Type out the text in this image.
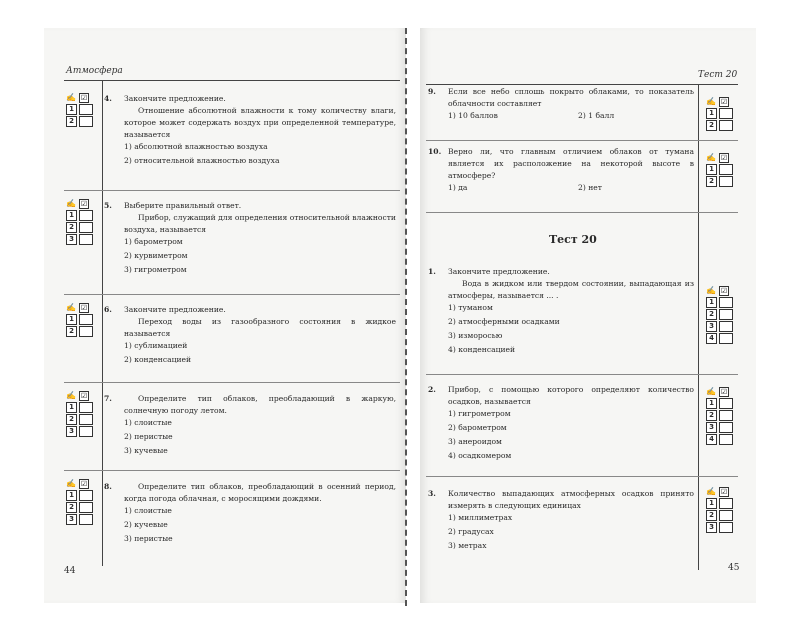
Атмосфера	Тест 20
✍ ☑
1
2
4. Закончите предложение.

Отношение абсолютной влажности к тому количеству влаги, которое может содержать воздух при определенной температуре, называется

1) абсолютной влажностью воздуха
2) относительной влажностью воздуха
✍ ☑
1
2
3
5. Выберите правильный ответ.

Прибор, служащий для определения относительной влажности воздуха, называется

1) барометром
2) курвиметром
3) гигрометром
✍ ☑
1
2
6. Закончите предложение.

Переход воды из газообразного состояния в жидкое называется

1) сублимацией
2) конденсацией
✍ ☑
1
2
3
7.	Определите тип облаков, преобладающий в жаркую, солнечную погоду летом.

1) слоистые
2) перистые
3) кучевые
✍ ☑
1
2
3
8.	Определите тип облаков, преобладающий в осенний период, когда погода облачная, с моросящими дождями.

1) слоистые
2) кучевые
3) перистые
44
9. Если все небо сплошь покрыто облаками, то показатель облачности составляет

1) 10 баллов	2) 1 балл
✍ ☑
1
2
10. Верно ли, что главным отличием облаков от тумана является их расположение на некоторой высоте в атмосфере?

1) да	2) нет
✍ ☑
1
2
Тест 20
1. Закончите предложение.

Вода в жидком или твердом состоянии, выпадающая из атмосферы, называется ... .

1) туманом
2) атмосферными осадками
3) изморосью
4) конденсацией
✍ ☑
1
2
3
4
2. Прибор, с помощью которого определяют количество осадков, называется

1) гигрометром
2) барометром
3) анероидом
4) осадкомером
✍ ☑
1
2
3
4
3. Количество выпадающих атмосферных осадков принято измерять в следующих единицах

1) миллиметрах
2) градусах
3) метрах
✍ ☑
1
2
3
45
